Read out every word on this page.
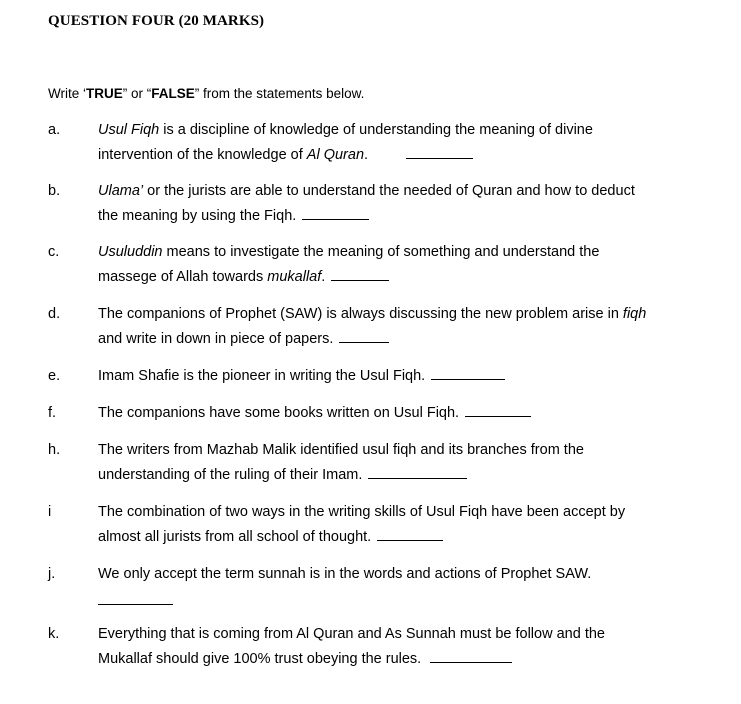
QUESTION FOUR (20 MARKS)
Write ‘TRUE” or “FALSE” from the statements below.
a.	Usul Fiqh is a discipline of knowledge of understanding the meaning of divine
intervention of the knowledge of Al Quran.
b.	Ulama’ or the jurists are able to understand the needed of Quran and how to deduct
the meaning by using the Fiqh.
c.	Usuluddin means to investigate the meaning of something and understand the
massege of Allah towards mukallaf.
d.	The companions of Prophet (SAW) is always discussing the new problem arise in fiqh
and write in down in piece of papers.
e.	Imam Shafie is the pioneer in writing the Usul Fiqh.
f.	The companions have some books written on Usul Fiqh.
h.	The writers from Mazhab Malik identified usul fiqh and its branches from the
understanding of the ruling of their Imam.
i	The combination of two ways in the writing skills of Usul Fiqh have been accept by
almost all jurists from all school of thought.
j.	We only accept the term sunnah is in the words and actions of Prophet SAW.
k.	Everything that is coming from Al Quran and As Sunnah must be follow and the
Mukallaf should give 100% trust obeying the rules.
